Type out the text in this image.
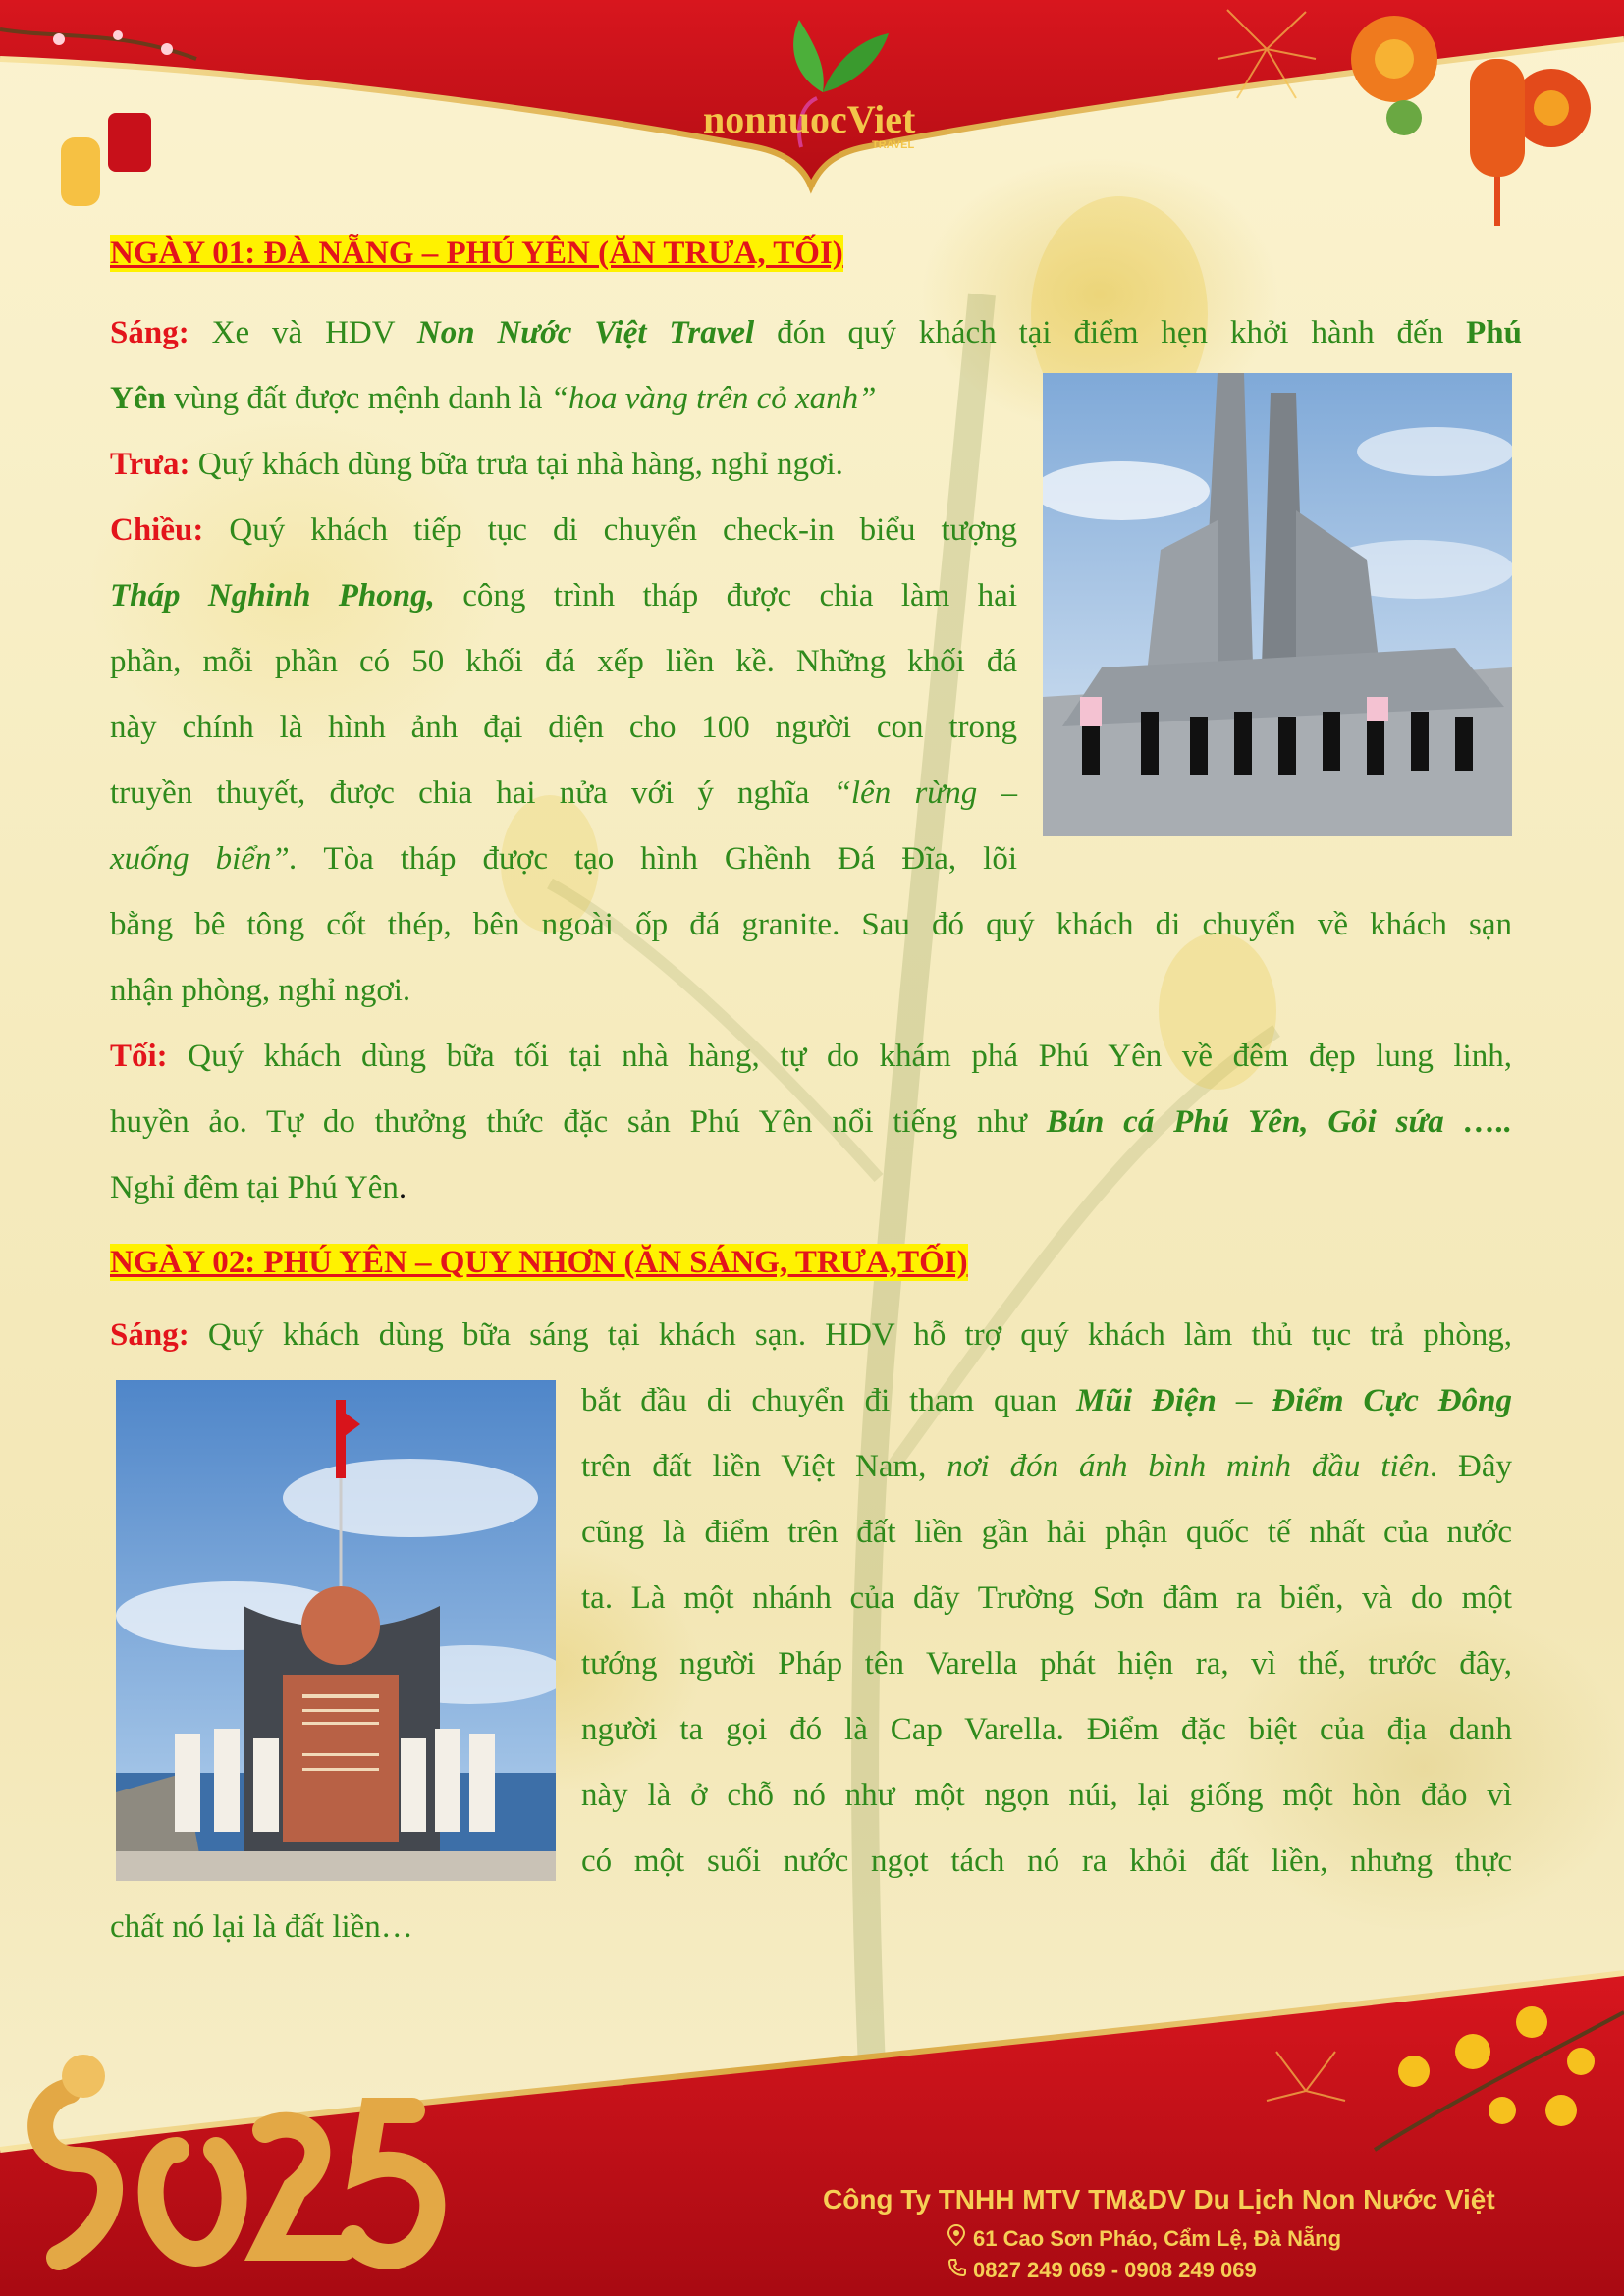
nonnuocViet
TRAVEL
NGÀY 01: ĐÀ NẴNG – PHÚ YÊN (ĂN TRƯA, TỐI)
Sáng: Xe và HDV Non Nước Việt Travel đón quý khách tại điểm hẹn khởi hành đến Phú
Yên vùng đất được mệnh danh là “hoa vàng trên cỏ xanh”
Trưa: Quý khách dùng bữa trưa tại nhà hàng, nghỉ ngơi.
Chiều: Quý khách tiếp tục di chuyển check-in biểu tượng
Tháp Nghinh Phong, công trình tháp được chia làm hai
phần, mỗi phần có 50 khối đá xếp liền kề. Những khối đá
này chính là hình ảnh đại diện cho 100 người con trong
truyền thuyết, được chia hai nửa với ý nghĩa “lên rừng –
xuống biển”. Tòa tháp được tạo hình Ghềnh Đá Đĩa, lõi
bằng bê tông cốt thép, bên ngoài ốp đá granite. Sau đó quý khách di chuyển về khách sạn
nhận phòng, nghỉ ngơi.
Tối: Quý khách dùng bữa tối tại nhà hàng, tự do khám phá Phú Yên về đêm đẹp lung linh,
huyền ảo. Tự do thưởng thức đặc sản Phú Yên nổi tiếng như Bún cá Phú Yên, Gỏi sứa …..
Nghỉ đêm tại Phú Yên.
NGÀY 02: PHÚ YÊN – QUY NHƠN (ĂN SÁNG, TRƯA,TỐI)
Sáng: Quý khách dùng bữa sáng tại khách sạn. HDV hỗ trợ quý khách làm thủ tục trả phòng,
bắt đầu di chuyển đi tham quan Mũi Điện – Điểm Cực Đông
trên đất liền Việt Nam, nơi đón ánh bình minh đầu tiên. Đây
cũng là điểm trên đất liền gần hải phận quốc tế nhất của nước
ta. Là một nhánh của dãy Trường Sơn đâm ra biển, và do một
tướng người Pháp tên Varella phát hiện ra, vì thế, trước đây,
người ta gọi đó là Cap Varella. Điểm đặc biệt của địa danh
này là ở chỗ nó như một ngọn núi, lại giống một hòn đảo vì
có một suối nước ngọt tách nó ra khỏi đất liền, nhưng thực
chất nó lại là đất liền…
Công Ty TNHH MTV TM&DV Du Lịch Non Nước Việt
61 Cao Sơn Pháo, Cẩm Lệ, Đà Nẵng
0827 249 069 - 0908 249 069
